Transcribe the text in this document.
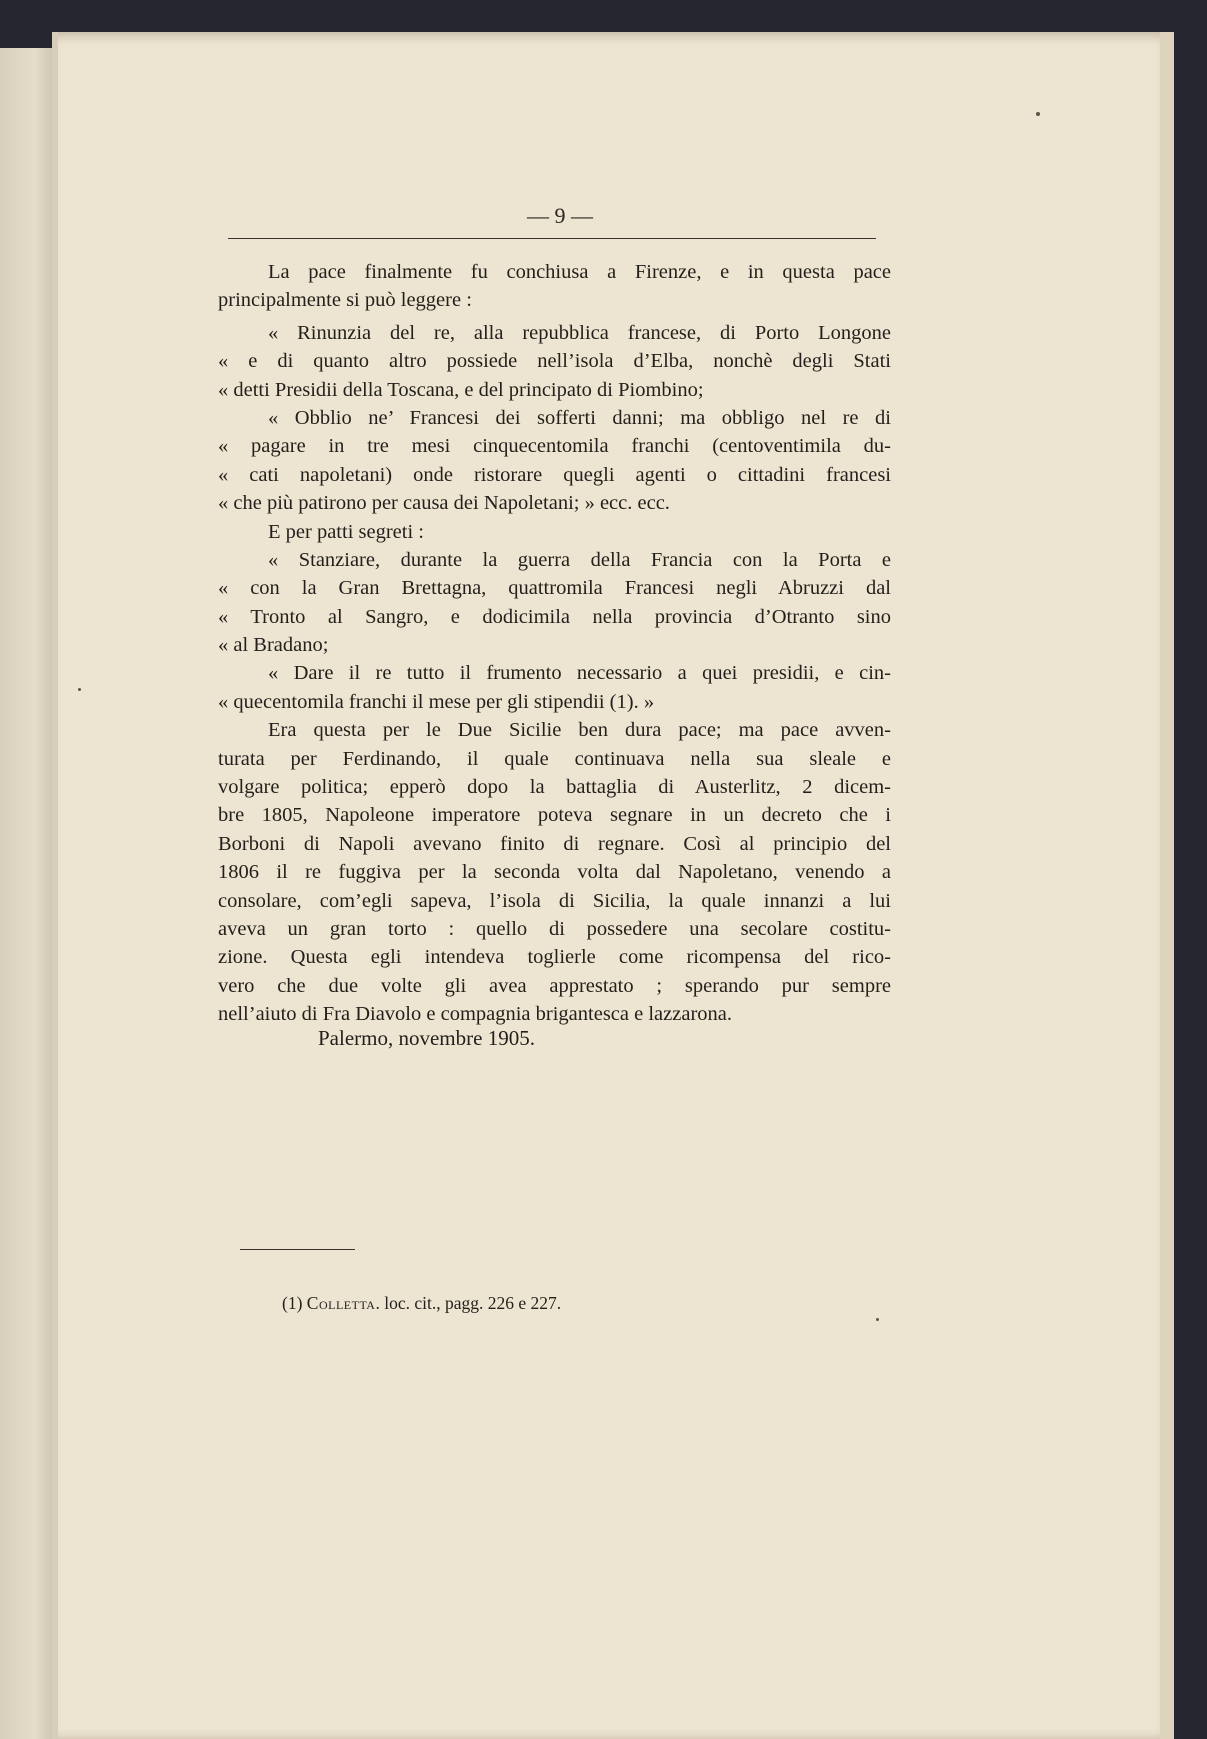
— 9 —
La pace finalmente fu conchiusa a Firenze, e in questa pace
principalmente si può leggere :
« Rinunzia del re, alla repubblica francese, di Porto Longone
« e di quanto altro possiede nell’isola d’Elba, nonchè degli Stati
« detti Presidii della Toscana, e del principato di Piombino;
« Obblio ne’ Francesi dei sofferti danni; ma obbligo nel re di
« pagare in tre mesi cinquecentomila franchi (centoventimila du-
« cati napoletani) onde ristorare quegli agenti o cittadini francesi
« che più patirono per causa dei Napoletani; » ecc. ecc.
E per patti segreti :
« Stanziare, durante la guerra della Francia con la Porta e
« con la Gran Brettagna, quattromila Francesi negli Abruzzi dal
« Tronto al Sangro, e dodicimila nella provincia d’Otranto sino
« al Bradano;
« Dare il re tutto il frumento necessario a quei presidii, e cin-
« quecentomila franchi il mese per gli stipendii (1). »
Era questa per le Due Sicilie ben dura pace; ma pace avven-
turata per Ferdinando, il quale continuava nella sua sleale e
volgare politica; epperò dopo la battaglia di Austerlitz, 2 dicem-
bre 1805, Napoleone imperatore poteva segnare in un decreto che i
Borboni di Napoli avevano finito di regnare. Così al principio del
1806 il re fuggiva per la seconda volta dal Napoletano, venendo a
consolare, com’egli sapeva, l’isola di Sicilia, la quale innanzi a lui
aveva un gran torto : quello di possedere una secolare costitu-
zione. Questa egli intendeva toglierle come ricompensa del rico-
vero che due volte gli avea apprestato ; sperando pur sempre
nell’aiuto di Fra Diavolo e compagnia brigantesca e lazzarona.
Palermo, novembre 1905.
(1) Colletta. loc. cit., pagg. 226 e 227.
